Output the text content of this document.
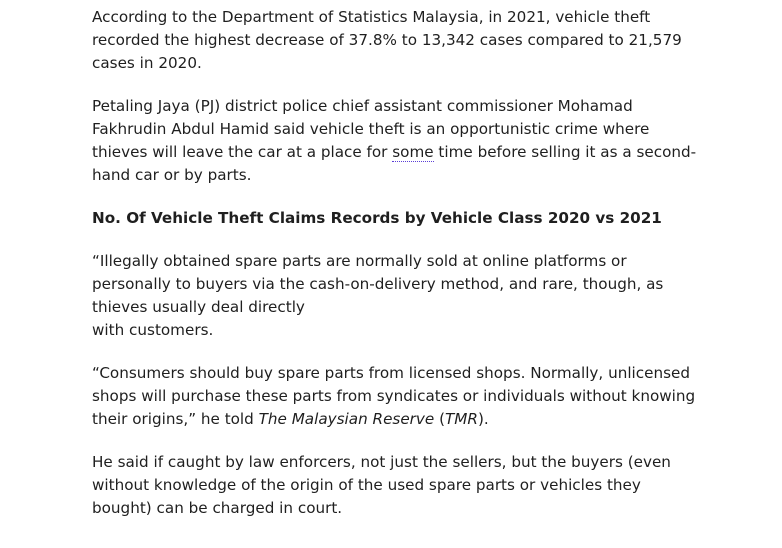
According to the Department of Statistics Malaysia, in 2021, vehicle theft recorded the highest decrease of 37.8% to 13,342 cases compared to 21,579 cases in 2020.

Petaling Jaya (PJ) district police chief assistant commissioner Mohamad Fakhrudin Abdul Hamid said vehicle theft is an opportunistic crime where thieves will leave the car at a place for some time before selling it as a second-hand car or by parts.

No. Of Vehicle Theft Claims Records by Vehicle Class 2020 vs 2021

“Illegally obtained spare parts are normally sold at online platforms or personally to buyers via the cash-on-delivery method, and rare, though, as thieves usually deal directly
with customers.

“Consumers should buy spare parts from licensed shops. Normally, unlicensed shops will purchase these parts from syndicates or individuals without knowing their origins,” he told The Malaysian Reserve (TMR).

He said if caught by law enforcers, not just the sellers, but the buyers (even without knowledge of the origin of the used spare parts or vehicles they bought) can be charged in court.
